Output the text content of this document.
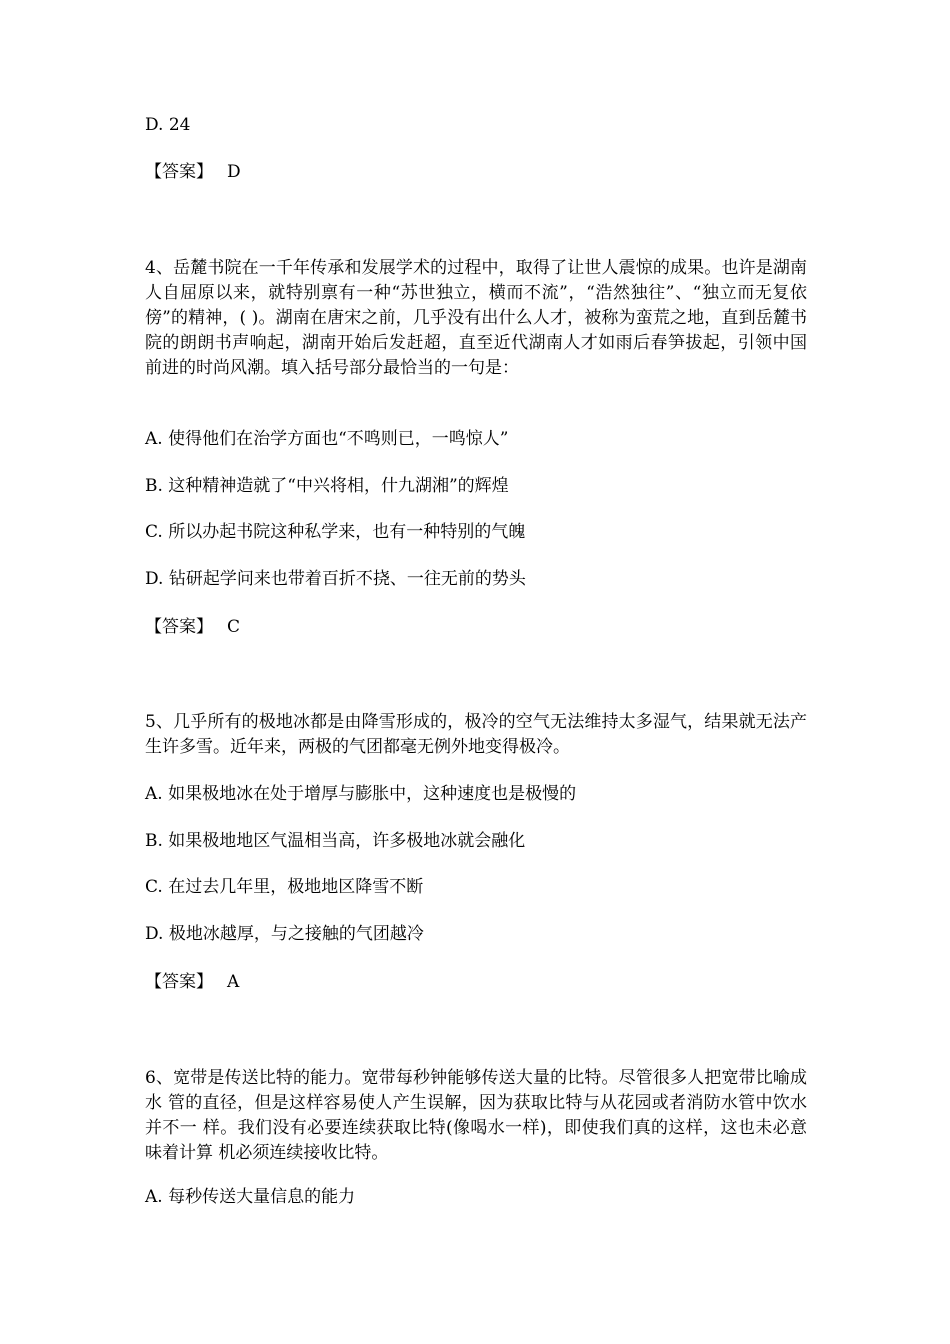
D. 24

【答案】 D

4、岳麓书院在一千年传承和发展学术的过程中，取得了让世人震惊的成果。也许是湖南人自屈原以来，就特别禀有一种“苏世独立，横而不流”，“浩然独往”、“独立而无复依傍”的精神，( )。湖南在唐宋之前，几乎没有出什么人才，被称为蛮荒之地，直到岳麓书院的朗朗书声响起，湖南开始后发赶超，直至近代湖南人才如雨后春笋拔起，引领中国前进的时尚风潮。填入括号部分最恰当的一句是：

A. 使得他们在治学方面也“不鸣则已，一鸣惊人”

B. 这种精神造就了“中兴将相，什九湖湘”的辉煌

C. 所以办起书院这种私学来，也有一种特别的气魄

D. 钻研起学问来也带着百折不挠、一往无前的势头

【答案】 C

5、几乎所有的极地冰都是由降雪形成的，极冷的空气无法维持太多湿气，结果就无法产生许多雪。近年来，两极的气团都毫无例外地变得极冷。

A. 如果极地冰在处于增厚与膨胀中，这种速度也是极慢的

B. 如果极地地区气温相当高，许多极地冰就会融化

C. 在过去几年里，极地地区降雪不断

D. 极地冰越厚，与之接触的气团越冷

【答案】 A

6、宽带是传送比特的能力。宽带每秒钟能够传送大量的比特。尽管很多人把宽带比喻成水 管的直径，但是这样容易使人产生误解，因为获取比特与从花园或者消防水管中饮水并不一 样。我们没有必要连续获取比特(像喝水一样)，即使我们真的这样，这也未必意味着计算 机必须连续接收比特。

A. 每秒传送大量信息的能力
